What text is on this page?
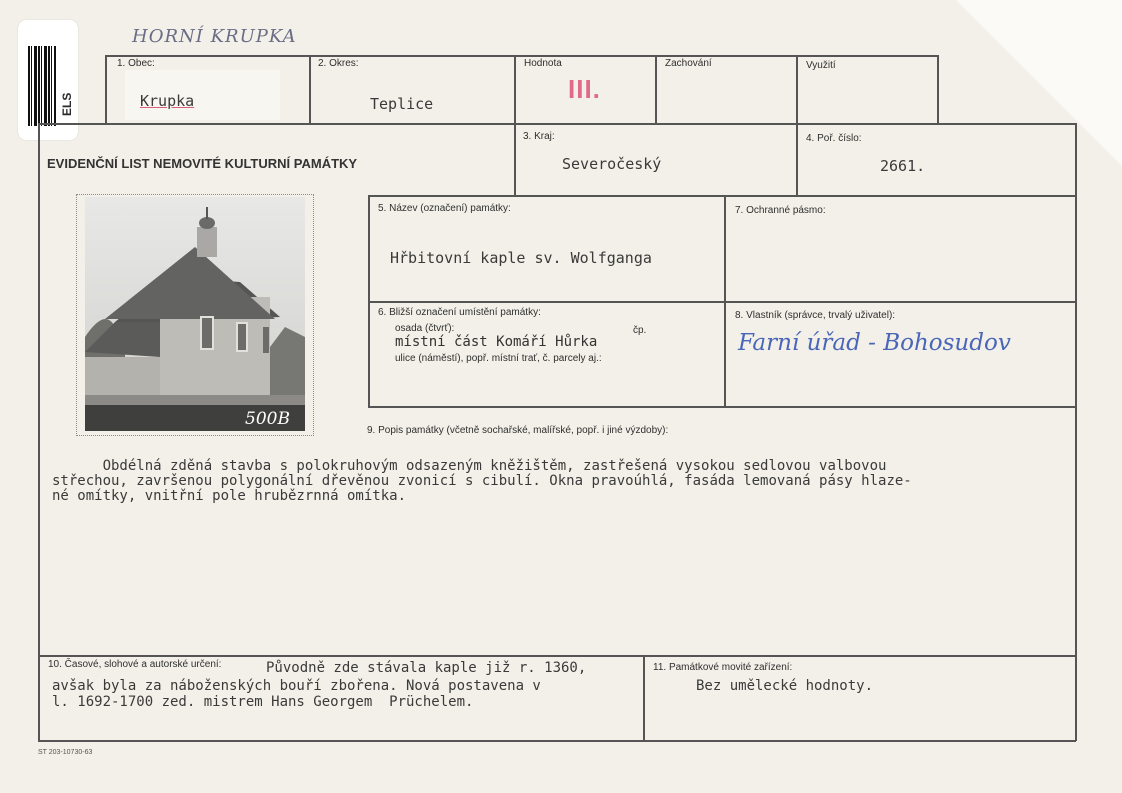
HORNÍ KRUPKA
ELS
1. Obec:
Krupka
2. Okres:
Teplice
Hodnota
III.
Zachování	Využití
EVIDENČNÍ LIST NEMOVITÉ KULTURNÍ PAMÁTKY
3. Kraj:
Severočeský
4. Poř. číslo:
2661.
500B
5. Název (označení) památky:
Hřbitovní kaple sv. Wolfganga
7. Ochranné pásmo:
6. Bližší označení umístění památky:
osada (čtvrť):	čp.
místní část Komáří Hůrka
ulice (náměstí), popř. místní trať, č. parcely aj.:
8. Vlastník (správce, trvalý uživatel):
Farní úřad - Bohosudov
9. Popis památky (včetně sochařské, malířské, popř. i jiné výzdoby):
Obdélná zděná stavba s polokruhovým odsazeným kněžištěm, zastřešená vysokou sedlovou valbovou
střechou, završenou polygonální dřevěnou zvonicí s cibulí. Okna pravoúhlá, fasáda lemovaná pásy hlaze-
né omítky, vnitřní pole hrubězrnná omítka.
10. Časové, slohové a autorské určení:	Původně zde stávala kaple již r. 1360,
avšak byla za náboženských bouří zbořena. Nová postavena v
l. 1692-1700 zed. mistrem Hans Georgem  Prüchelem.
11. Památkové movité zařízení:
Bez umělecké hodnoty.
ST 203-10730-63
